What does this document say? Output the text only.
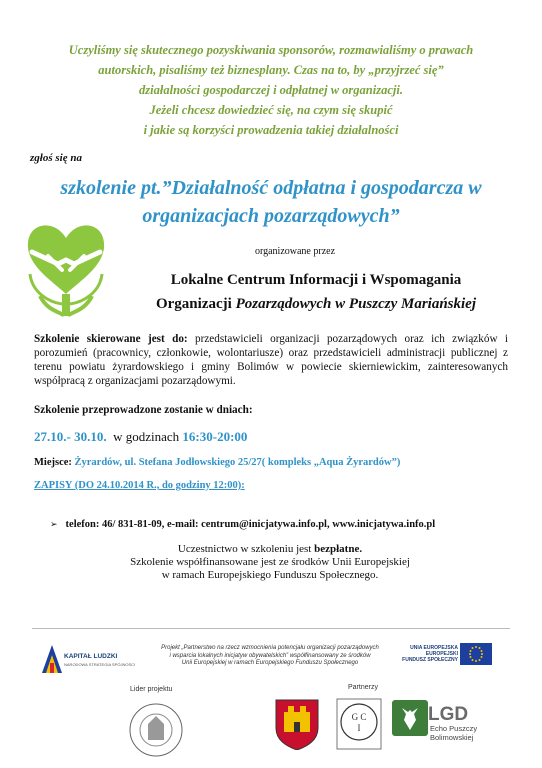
Uczyliśmy się skutecznego pozyskiwania sponsorów, rozmawialiśmy o prawach
autorskich, pisaliśmy też biznesplany. Czas na to, by „przyjrzeć się”
działalności gospodarczej i odpłatnej w organizacji.
Jeżeli chcesz dowiedzieć się, na czym się skupić
i jakie są korzyści prowadzenia takiej działalności
zgłoś się na
szkolenie pt.”Działalność odpłatna i gospodarcza w
organizacjach pozarządowych”
organizowane przez
Lokalne Centrum Informacji i Wspomagania
Organizacji Pozarządowych w Puszczy Mariańskiej
Szkolenie skierowane jest do: przedstawicieli organizacji pozarządowych oraz ich związków i porozumień (pracownicy, członkowie, wolontariusze) oraz przedstawicieli administracji publicznej z terenu powiatu żyrardowskiego i gminy Bolimów w powiecie skierniewickim, zainteresowanych współpracą z organizacjami pozarządowymi.
Szkolenie przeprowadzone zostanie w dniach:
27.10.- 30.10. w godzinach 16:30-20:00
Miejsce: Żyrardów, ul. Stefana Jodłowskiego 25/27( kompleks „Aqua Żyrardów”)
ZAPISY (DO 24.10.2014 R., do godziny 12:00):
➢ telefon: 46/ 831-81-09, e-mail: centrum@inicjatywa.info.pl, www.inicjatywa.info.pl
Uczestnictwo w szkoleniu jest bezpłatne.
Szkolenie współfinansowane jest ze środków Unii Europejskiej
w ramach Europejskiego Funduszu Społecznego.
KAPITAŁ LUDZKI
NARODOWA STRATEGIA SPÓJNOŚCI
Projekt „Partnerstwo na rzecz wzmocnienia potencjału organizacji pozarządowych
i wsparcia lokalnych inicjatyw obywatelskich” współfinansowany ze środków
Unii Europejskiej w ramach Europejskiego Funduszu Społecznego
UNIA EUROPEJSKA
EUROPEJSKI
FUNDUSZ SPOŁECZNY
Lider projektu	Partnerzy
G C
I
LGD
Echo Puszczy
Bolimowskiej
